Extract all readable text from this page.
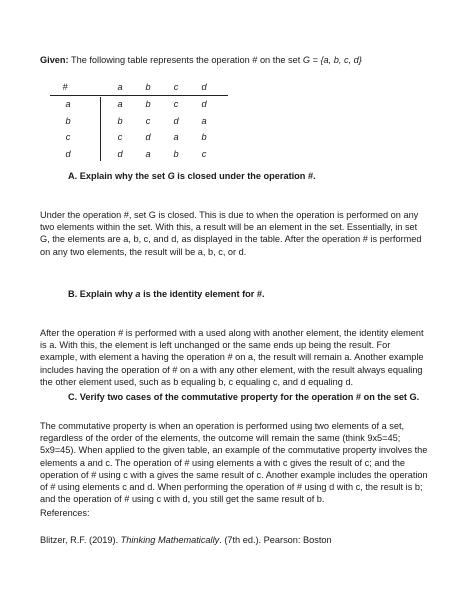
Given: The following table represents the operation # on the set G = {a, b, c, d}
#	a	b	c	d
a	a	b	c	d
b	b	c	d	a
c	c	d	a	b
d	d	a	b	c
A. Explain why the set G is closed under the operation #.

Under the operation #, set G is closed. This is due to when the operation is performed on any

two elements within the set. With this, a result will be an element in the set. Essentially, in set

G, the elements are a, b, c, and d, as displayed in the table. After the operation # is performed

on any two elements, the result will be a, b, c, or d.

B. Explain why a is the identity element for #.

After the operation # is performed with a used along with another element, the identity element

is a. With this, the element is left unchanged or the same ends up being the result. For

example, with element a having the operation # on a, the result will remain a. Another example

includes having the operation of # on a with any other element, with the result always equaling

the other element used, such as b equaling b, c equaling c, and d equaling d.

C. Verify two cases of the commutative property for the operation # on the set G.

The commutative property is when an operation is performed using two elements of a set,

regardless of the order of the elements, the outcome will remain the same (think 9x5=45;

5x9=45). When applied to the given table, an example of the commutative property involves the

elements a and c. The operation of # using elements a with c gives the result of c; and the

operation of # using c with a gives the same result of c. Another example includes the operation

of # using elements c and d. When performing the operation of # using d with c, the result is b;

and the operation of # using c with d, you still get the same result of b.

References:
Blitzer, R.F. (2019). Thinking Mathematically. (7th ed.). Pearson: Boston
